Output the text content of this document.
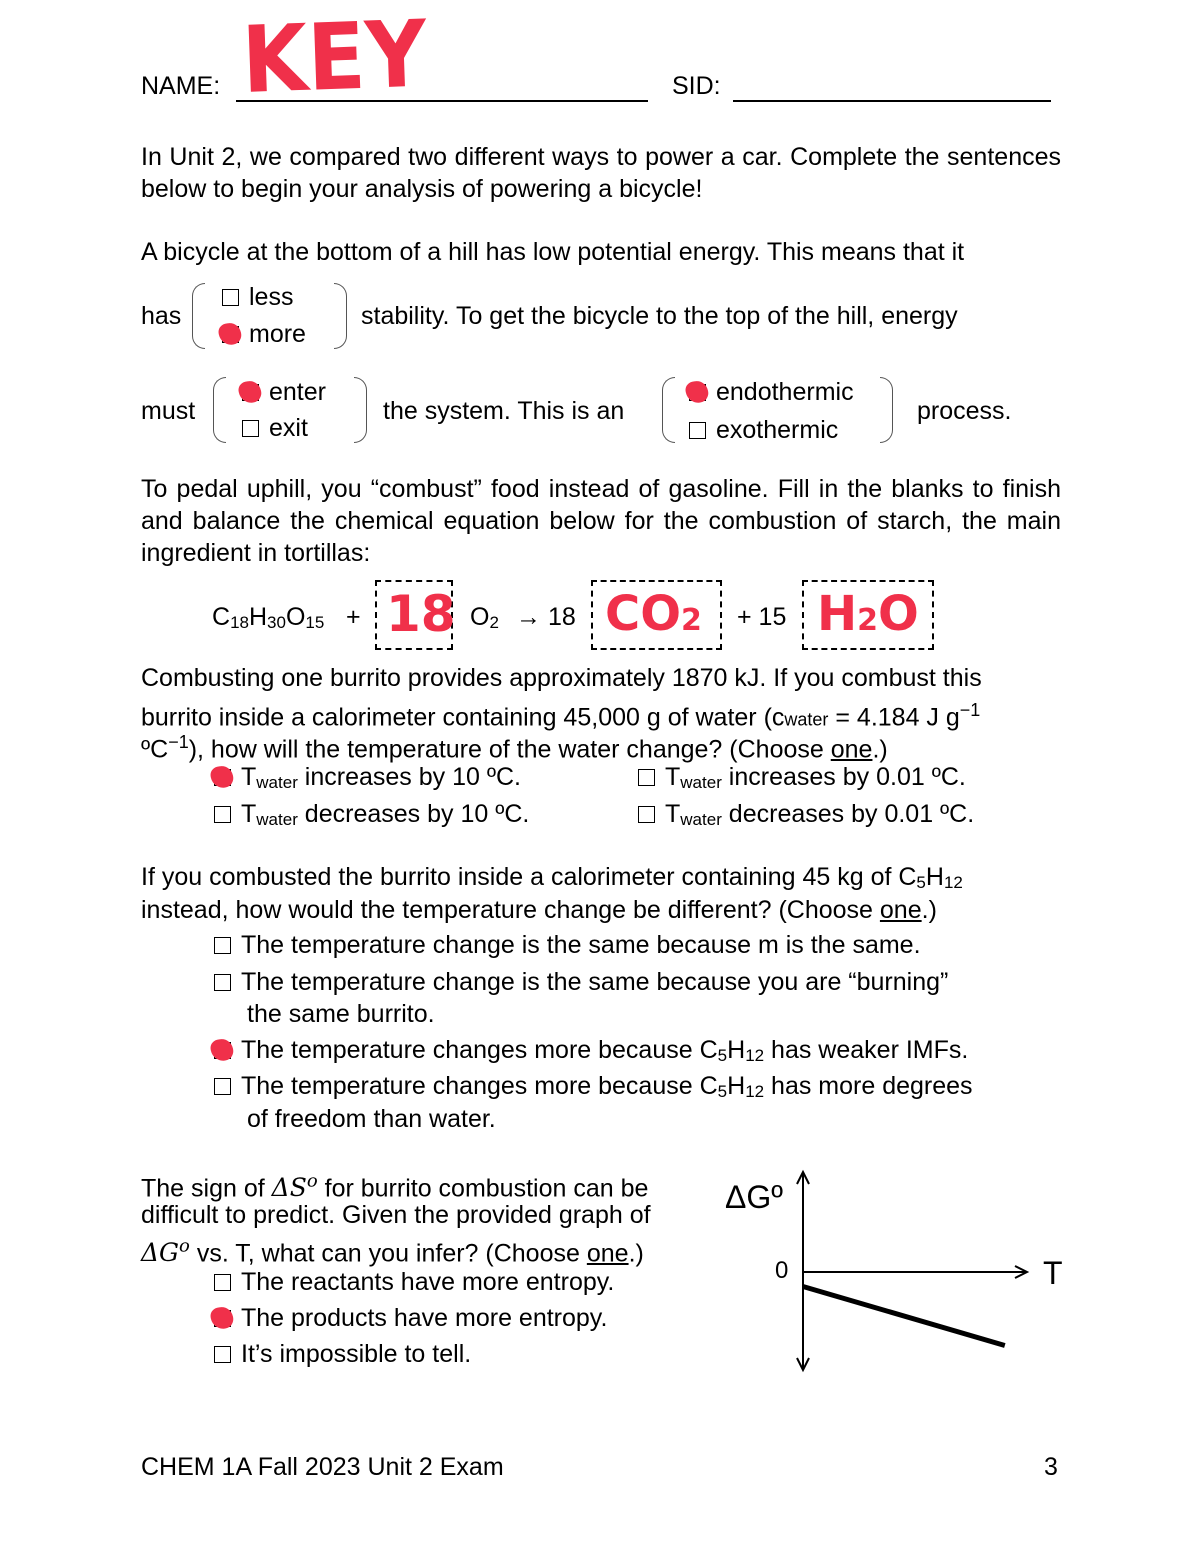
NAME: KEY	SID:
In Unit 2, we compared two different ways to power a car. Complete the sentences below to begin your analysis of powering a bicycle!
A bicycle at the bottom of a hill has low potential energy. This means that it
has
less
more
stability. To get the bicycle to the top of the hill, energy
must
enter
exit
the system. This is an
endothermic
exothermic
process.
To pedal uphill, you “combust” food instead of gasoline. Fill in the blanks to finish and balance the chemical equation below for the combustion of starch, the main ingredient in tortillas:
$C_{18}H_{30}O_{15} + 18$ $O_2 \to 18$ CO2 + 15 H2O
Combusting one burrito provides approximately 1870 kJ. If you combust this
burrito inside a calorimeter containing 45,000 g of water (cwater = 4.184 J $g^{-1}$
ºC$^{-1}$), how will the temperature of the water change? (Choose one.)
$T_{water}$ increases by 10 ºC.	$T_{water}$ increases by 0.01 ºC.
$T_{water}$ decreases by 10 ºC.	$T_{water}$ decreases by 0.01 ºC.
If you combusted the burrito inside a calorimeter containing 45 kg of $C_5H_{12}$
instead, how would the temperature change be different? (Choose one.)
The temperature change is the same because m is the same.
The temperature change is the same because you are “burning”
the same burrito.
The temperature changes more because $C_5H_{12}$ has weaker IMFs.
The temperature changes more because $C_5H_{12}$ has more degrees
of freedom than water.
The sign of $\Delta S^o$ for burrito combustion can be
difficult to predict. Given the provided graph of
$\Delta G^o$ vs. T, what can you infer? (Choose one.)
The reactants have more entropy.
The products have more entropy.
It’s impossible to tell.
ΔGº
T
0
CHEM 1A Fall 2023 Unit 2 Exam	3
